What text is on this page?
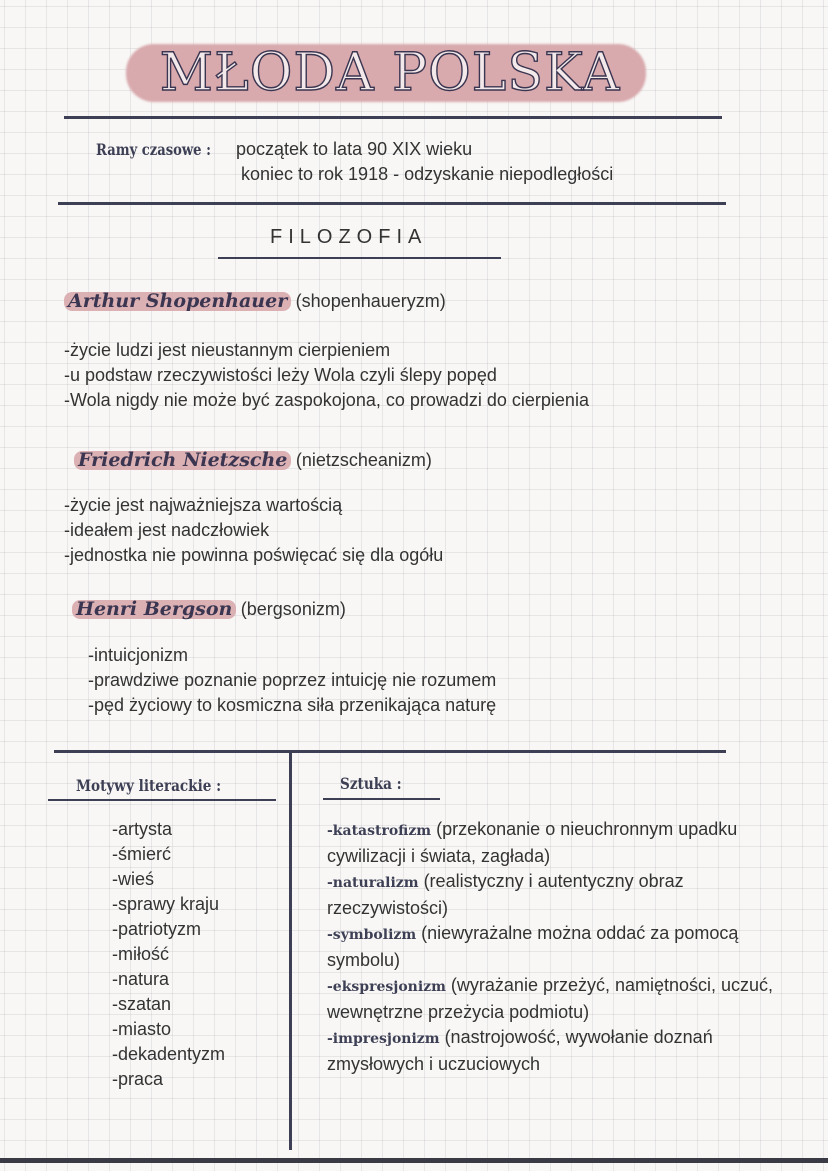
MŁODA POLSKA
Ramy czasowe : początek to lata 90 XIX wieku
koniec to rok 1918 - odzyskanie niepodległości
FILOZOFIA
Arthur Shopenhauer (shopenhaueryzm)
-życie ludzi jest nieustannym cierpieniem
-u podstaw rzeczywistości leży Wola czyli ślepy popęd
-Wola nigdy nie może być zaspokojona, co prowadzi do cierpienia
Friedrich Nietzsche (nietzscheanizm)
-życie jest najważniejsza wartością
-ideałem jest nadczłowiek
-jednostka nie powinna poświęcać się dla ogółu
Henri Bergson (bergsonizm)
-intuicjonizm
-prawdziwe poznanie poprzez intuicję nie rozumem
-pęd życiowy to kosmiczna siła przenikająca naturę
Motywy literackie :
-artysta
-śmierć
-wieś
-sprawy kraju
-patriotyzm
-miłość
-natura
-szatan
-miasto
-dekadentyzm
-praca
Sztuka :
-katastrofizm (przekonanie o nieuchronnym upadku cywilizacji i świata, zagłada)
-naturalizm (realistyczny i autentyczny obraz rzeczywistości)
-symbolizm (niewyrażalne można oddać za pomocą symbolu)
-ekspresjonizm (wyrażanie przeżyć, namiętności, uczuć, wewnętrzne przeżycia podmiotu)
-impresjonizm (nastrojowość, wywołanie doznań zmysłowych i uczuciowych
